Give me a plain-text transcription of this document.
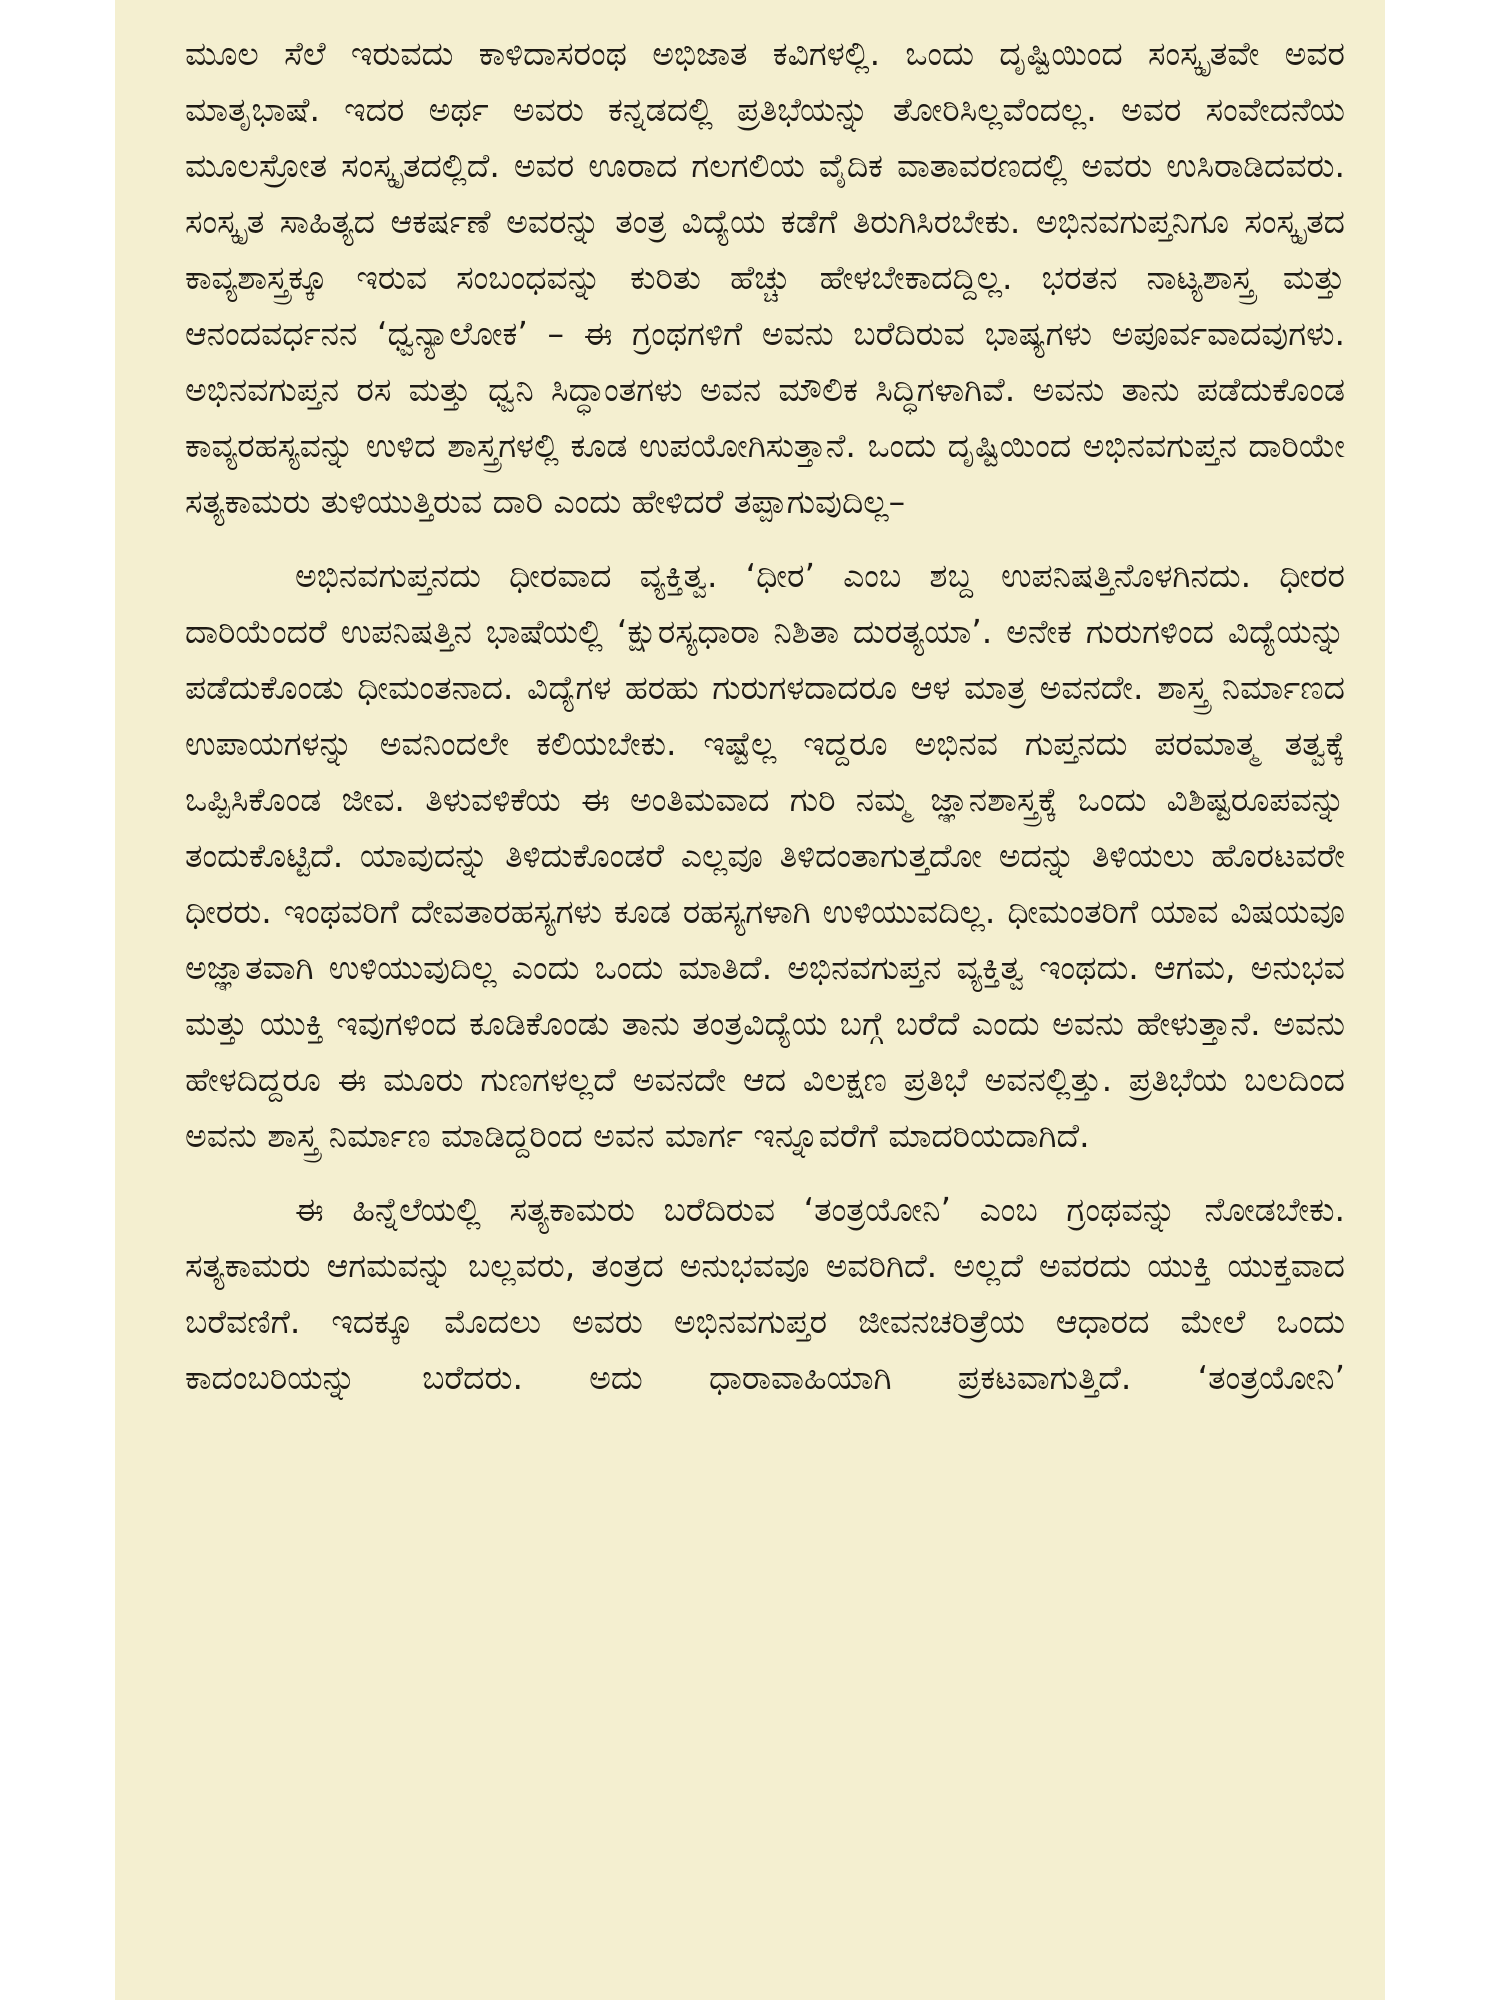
ಮೂಲ ಸೆಲೆ ಇರುವದು ಕಾಳಿದಾಸರಂಥ ಅಭಿಜಾತ ಕವಿಗಳಲ್ಲಿ. ಒಂದು ದೃಷ್ಟಿಯಿಂದ ಸಂಸ್ಕೃತವೇ ಅವರ ಮಾತೃಭಾಷೆ. ಇದರ ಅರ್ಥ ಅವರು ಕನ್ನಡದಲ್ಲಿ ಪ್ರತಿಭೆಯನ್ನು ತೋರಿಸಿಲ್ಲವೆಂದಲ್ಲ. ಅವರ ಸಂವೇದನೆಯ ಮೂಲಸ್ರೋತ ಸಂಸ್ಕೃತದಲ್ಲಿದೆ. ಅವರ ಊರಾದ ಗಲಗಲಿಯ ವೈದಿಕ ವಾತಾವರಣದಲ್ಲಿ ಅವರು ಉಸಿರಾಡಿದವರು. ಸಂಸ್ಕೃತ ಸಾಹಿತ್ಯದ ಆಕರ್ಷಣೆ ಅವರನ್ನು ತಂತ್ರ ವಿದ್ಯೆಯ ಕಡೆಗೆ ತಿರುಗಿಸಿರಬೇಕು. ಅಭಿನವಗುಪ್ತನಿಗೂ ಸಂಸ್ಕೃತದ ಕಾವ್ಯಶಾಸ್ತ್ರಕ್ಕೂ ಇರುವ ಸಂಬಂಧವನ್ನು ಕುರಿತು ಹೆಚ್ಚು ಹೇಳಬೇಕಾದದ್ದಿಲ್ಲ. ಭರತನ ನಾಟ್ಯಶಾಸ್ತ್ರ ಮತ್ತು ಆನಂದವರ್ಧನನ ‘ಧ್ವನ್ಯಾಲೋಕ’ – ಈ ಗ್ರಂಥಗಳಿಗೆ ಅವನು ಬರೆದಿರುವ ಭಾಷ್ಯಗಳು ಅಪೂರ್ವವಾದವುಗಳು. ಅಭಿನವಗುಪ್ತನ ರಸ ಮತ್ತು ಧ್ವನಿ ಸಿದ್ಧಾಂತಗಳು ಅವನ ಮೌಲಿಕ ಸಿದ್ಧಿಗಳಾಗಿವೆ. ಅವನು ತಾನು ಪಡೆದುಕೊಂಡ ಕಾವ್ಯರಹಸ್ಯವನ್ನು ಉಳಿದ ಶಾಸ್ತ್ರಗಳಲ್ಲಿ ಕೂಡ ಉಪಯೋಗಿಸುತ್ತಾನೆ. ಒಂದು ದೃಷ್ಟಿಯಿಂದ ಅಭಿನವಗುಪ್ತನ ದಾರಿಯೇ ಸತ್ಯಕಾಮರು ತುಳಿಯುತ್ತಿರುವ ದಾರಿ ಎಂದು ಹೇಳಿದರೆ ತಪ್ಪಾಗುವುದಿಲ್ಲ–

ಅಭಿನವಗುಪ್ತನದು ಧೀರವಾದ ವ್ಯಕ್ತಿತ್ವ. ‘ಧೀರ’ ಎಂಬ ಶಬ್ದ ಉಪನಿಷತ್ತಿನೊಳಗಿನದು. ಧೀರರ ದಾರಿಯೆಂದರೆ ಉಪನಿಷತ್ತಿನ ಭಾಷೆಯಲ್ಲಿ ‘ಕ್ಷುರಸ್ಯಧಾರಾ ನಿಶಿತಾ ದುರತ್ಯಯಾ’. ಅನೇಕ ಗುರುಗಳಿಂದ ವಿದ್ಯೆಯನ್ನು ಪಡೆದುಕೊಂಡು ಧೀಮಂತನಾದ. ವಿದ್ಯೆಗಳ ಹರಹು ಗುರುಗಳದಾದರೂ ಆಳ ಮಾತ್ರ ಅವನದೇ. ಶಾಸ್ತ್ರ ನಿರ್ಮಾಣದ ಉಪಾಯಗಳನ್ನು ಅವನಿಂದಲೇ ಕಲಿಯಬೇಕು. ಇಷ್ಟೆಲ್ಲ ಇದ್ದರೂ ಅಭಿನವ ಗುಪ್ತನದು ಪರಮಾತ್ಮ ತತ್ವಕ್ಕೆ ಒಪ್ಪಿಸಿಕೊಂಡ ಜೀವ. ತಿಳುವಳಿಕೆಯ ಈ ಅಂತಿಮವಾದ ಗುರಿ ನಮ್ಮ ಜ್ಞಾನಶಾಸ್ತ್ರಕ್ಕೆ ಒಂದು ವಿಶಿಷ್ಟರೂಪವನ್ನು ತಂದುಕೊಟ್ಟಿದೆ. ಯಾವುದನ್ನು ತಿಳಿದುಕೊಂಡರೆ ಎಲ್ಲವೂ ತಿಳಿದಂತಾಗುತ್ತದೋ ಅದನ್ನು ತಿಳಿಯಲು ಹೊರಟವರೇ ಧೀರರು. ಇಂಥವರಿಗೆ ದೇವತಾರಹಸ್ಯಗಳು ಕೂಡ ರಹಸ್ಯಗಳಾಗಿ ಉಳಿಯುವದಿಲ್ಲ. ಧೀಮಂತರಿಗೆ ಯಾವ ವಿಷಯವೂ ಅಜ್ಞಾತವಾಗಿ ಉಳಿಯುವುದಿಲ್ಲ ಎಂದು ಒಂದು ಮಾತಿದೆ. ಅಭಿನವಗುಪ್ತನ ವ್ಯಕ್ತಿತ್ವ ಇಂಥದು. ಆಗಮ, ಅನುಭವ ಮತ್ತು ಯುಕ್ತಿ ಇವುಗಳಿಂದ ಕೂಡಿಕೊಂಡು ತಾನು ತಂತ್ರವಿದ್ಯೆಯ ಬಗ್ಗೆ ಬರೆದೆ ಎಂದು ಅವನು ಹೇಳುತ್ತಾನೆ. ಅವನು ಹೇಳದಿದ್ದರೂ ಈ ಮೂರು ಗುಣಗಳಲ್ಲದೆ ಅವನದೇ ಆದ ವಿಲಕ್ಷಣ ಪ್ರತಿಭೆ ಅವನಲ್ಲಿತ್ತು. ಪ್ರತಿಭೆಯ ಬಲದಿಂದ ಅವನು ಶಾಸ್ತ್ರ ನಿರ್ಮಾಣ ಮಾಡಿದ್ದರಿಂದ ಅವನ ಮಾರ್ಗ ಇನ್ನೂವರೆಗೆ ಮಾದರಿಯದಾಗಿದೆ.

ಈ ಹಿನ್ನೆಲೆಯಲ್ಲಿ ಸತ್ಯಕಾಮರು ಬರೆದಿರುವ ‘ತಂತ್ರಯೋನಿ’ ಎಂಬ ಗ್ರಂಥವನ್ನು ನೋಡಬೇಕು. ಸತ್ಯಕಾಮರು ಆಗಮವನ್ನು ಬಲ್ಲವರು, ತಂತ್ರದ ಅನುಭವವೂ ಅವರಿಗಿದೆ. ಅಲ್ಲದೆ ಅವರದು ಯುಕ್ತಿ ಯುಕ್ತವಾದ ಬರೆವಣಿಗೆ. ಇದಕ್ಕೂ ಮೊದಲು ಅವರು ಅಭಿನವಗುಪ್ತರ ಜೀವನಚರಿತ್ರೆಯ ಆಧಾರದ ಮೇಲೆ ಒಂದು ಕಾದಂಬರಿಯನ್ನು ಬರೆದರು. ಅದು ಧಾರಾವಾಹಿಯಾಗಿ ಪ್ರಕಟವಾಗುತ್ತಿದೆ. ‘ತಂತ್ರಯೋನಿ’
